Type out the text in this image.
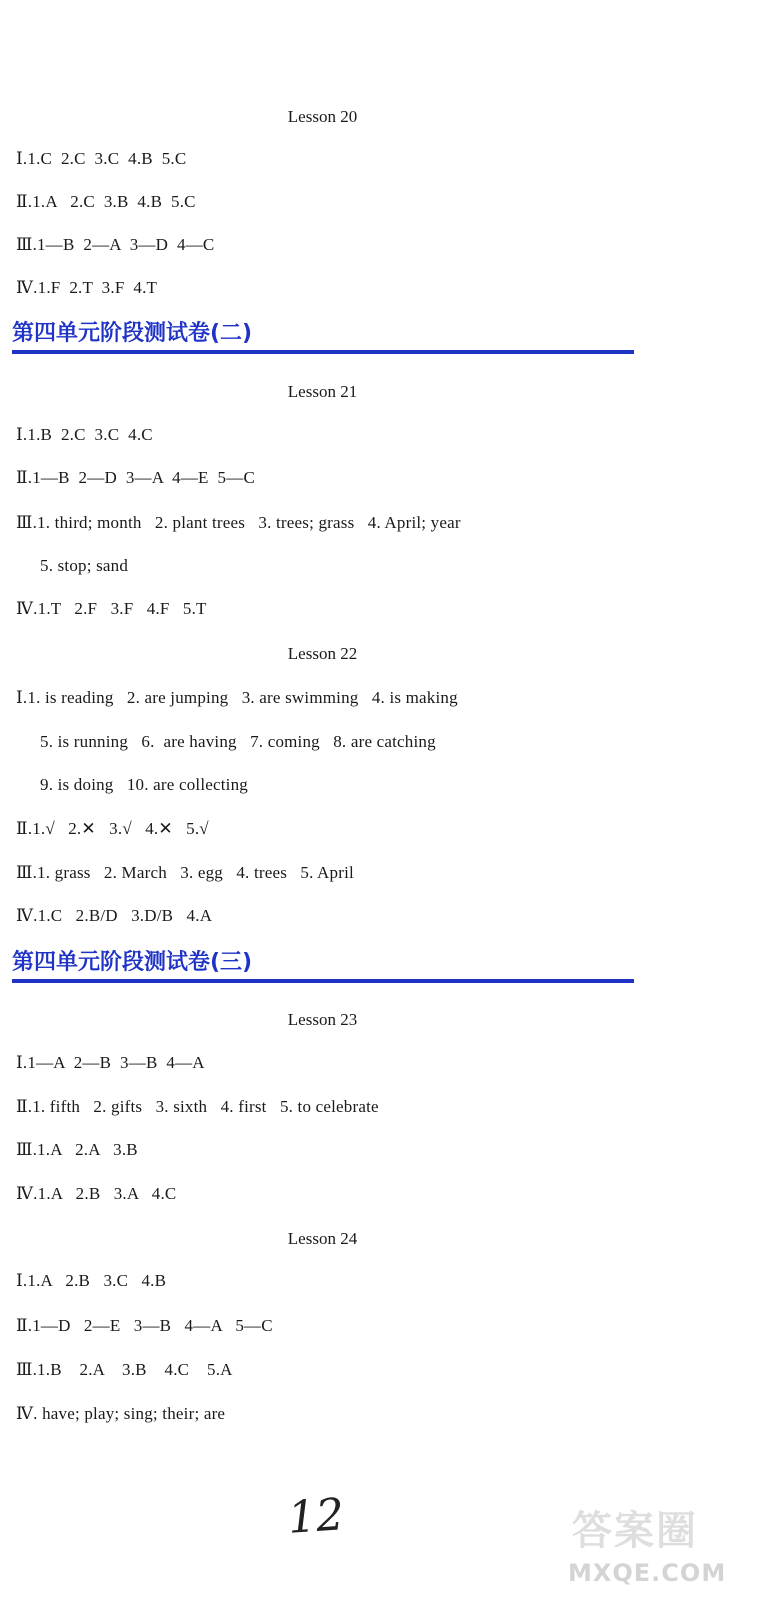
Lesson 20
Ⅰ.1.C  2.C  3.C  4.B  5.C
Ⅱ.1.A   2.C  3.B  4.B  5.C
Ⅲ.1—B  2—A  3—D  4—C
Ⅳ.1.F  2.T  3.F  4.T
第四单元阶段测试卷(二)
Lesson 21
Ⅰ.1.B  2.C  3.C  4.C
Ⅱ.1—B  2—D  3—A  4—E  5—C
Ⅲ.1. third; month   2. plant trees   3. trees; grass   4. April; year
5. stop; sand
Ⅳ.1.T   2.F   3.F   4.F   5.T
Lesson 22
Ⅰ.1. is reading   2. are jumping   3. are swimming   4. is making
5. is running   6.  are having   7. coming   8. are catching
9. is doing   10. are collecting
Ⅱ.1.√   2.✕   3.√   4.✕   5.√
Ⅲ.1. grass   2. March   3. egg   4. trees   5. April
Ⅳ.1.C   2.B/D   3.D/B   4.A
第四单元阶段测试卷(三)
Lesson 23
Ⅰ.1—A  2—B  3—B  4—A
Ⅱ.1. fifth   2. gifts   3. sixth   4. first   5. to celebrate
Ⅲ.1.A   2.A   3.B
Ⅳ.1.A   2.B   3.A   4.C
Lesson 24
Ⅰ.1.A   2.B   3.C   4.B
Ⅱ.1—D   2—E   3—B   4—A   5—C
Ⅲ.1.B    2.A    3.B    4.C    5.A
Ⅳ. have; play; sing; their; are
12	答案圈
MXQE.COM
